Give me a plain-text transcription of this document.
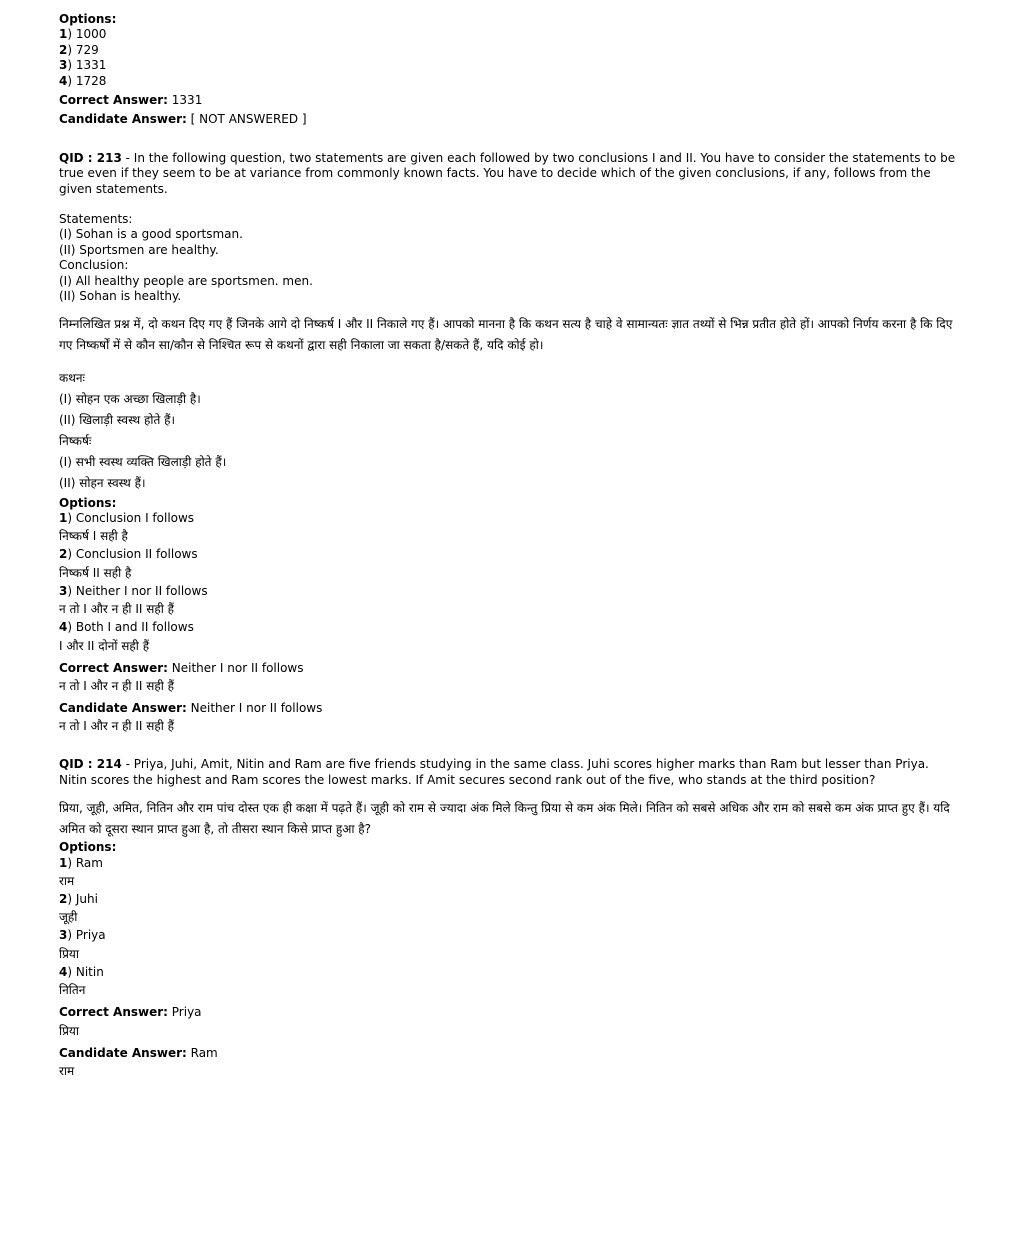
Options:
1) 1000
2) 729
3) 1331
4) 1728
Correct Answer: 1331
Candidate Answer: [ NOT ANSWERED ]
QID : 213 - In the following question, two statements are given each followed by two conclusions I and II. You have to consider the statements to be true even if they seem to be at variance from commonly known facts. You have to decide which of the given conclusions, if any, follows from the given statements.
Statements:
(I) Sohan is a good sportsman.
(II) Sportsmen are healthy.
Conclusion:
(I) All healthy people are sportsmen. men.
(II) Sohan is healthy.
निम्नलिखित प्रश्न में, दो कथन दिए गए हैं जिनके आगे दो निष्कर्ष I और II निकाले गए हैं। आपको मानना है कि कथन सत्य है चाहे वे सामान्यतः ज्ञात तथ्यों से भिन्न प्रतीत होते हों। आपको निर्णय करना है कि दिए गए निष्कर्षों में से कौन सा/कौन से निश्चित रूप से कथनों द्वारा सही निकाला जा सकता है/सकते हैं, यदि कोई हो।
कथनः
(I) सोहन एक अच्छा खिलाड़ी है।
(II) खिलाड़ी स्वस्थ होते हैं।
निष्कर्षः
(I) सभी स्वस्थ व्यक्ति खिलाड़ी होते हैं।
(II) सोहन स्वस्थ हैं।
Options:
1) Conclusion I follows
निष्कर्ष I सही है
2) Conclusion II follows
निष्कर्ष II सही है
3) Neither I nor II follows
न तो I और न ही II सही हैं
4) Both I and II follows
I और II दोनों सही हैं
Correct Answer: Neither I nor II follows
न तो I और न ही II सही हैं
Candidate Answer: Neither I nor II follows
न तो I और न ही II सही हैं
QID : 214 - Priya, Juhi, Amit, Nitin and Ram are five friends studying in the same class. Juhi scores higher marks than Ram but lesser than Priya. Nitin scores the highest and Ram scores the lowest marks. If Amit secures second rank out of the five, who stands at the third position?
प्रिया, जूही, अमित, नितिन और राम पांच दोस्त एक ही कक्षा में पढ़ते हैं। जूही को राम से ज्यादा अंक मिले किन्तु प्रिया से कम अंक मिले। नितिन को सबसे अधिक और राम को सबसे कम अंक प्राप्त हुए हैं। यदि अमित को दूसरा स्थान प्राप्त हुआ है, तो तीसरा स्थान किसे प्राप्त हुआ है?
Options:
1) Ram
राम
2) Juhi
जूही
3) Priya
प्रिया
4) Nitin
नितिन
Correct Answer: Priya
प्रिया
Candidate Answer: Ram
राम
